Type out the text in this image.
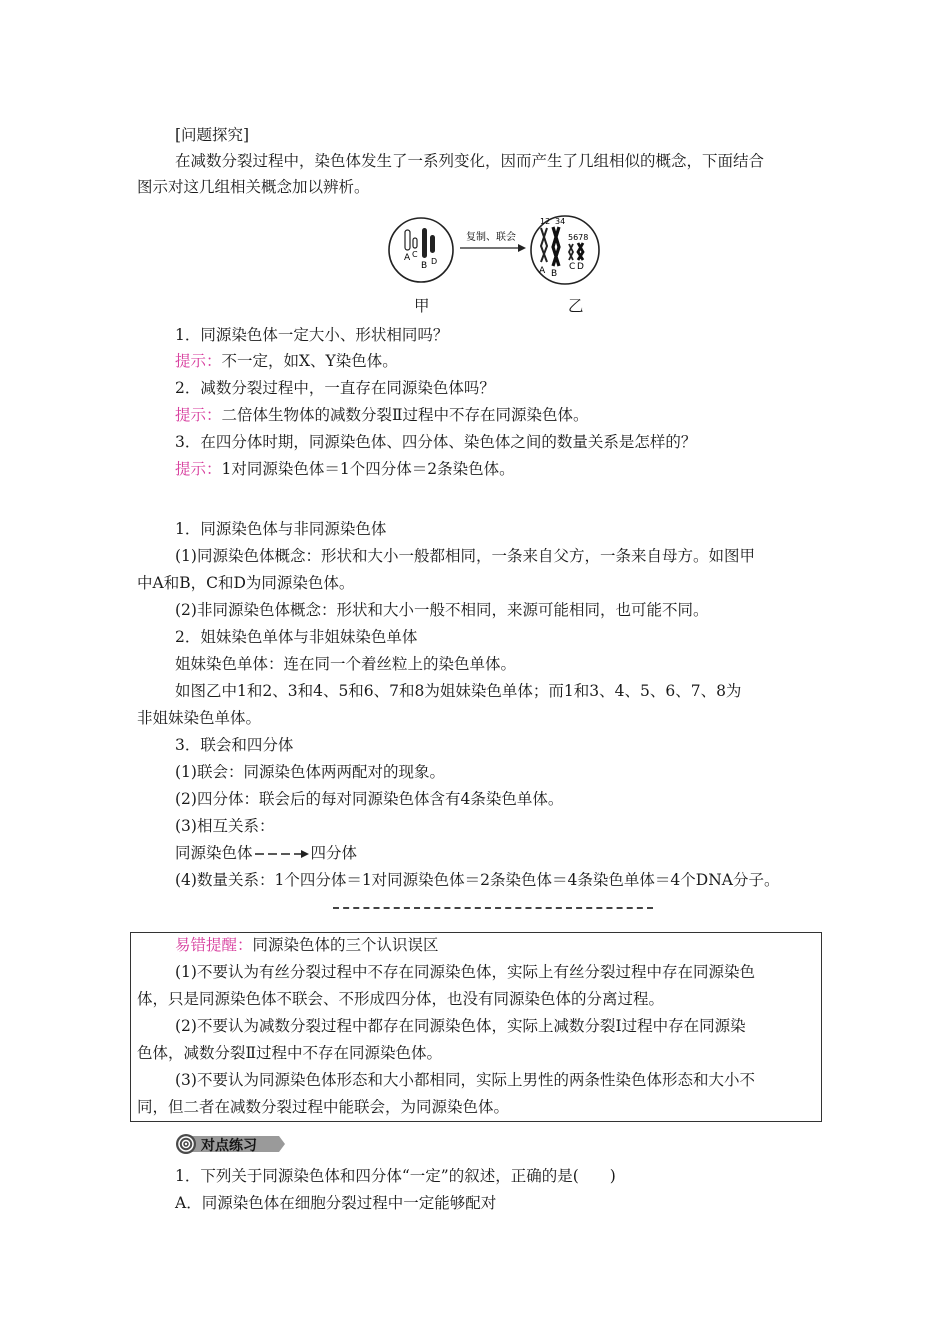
[问题探究]
在减数分裂过程中，染色体发生了一系列变化，因而产生了几组相似的概念，下面结合
图示对这几组相关概念加以辨析。
A C
B D
复制、联会
12 34
5678
A B
C D
甲	乙
1．同源染色体一定大小、形状相同吗？
提示：不一定，如X、Y染色体。
2．减数分裂过程中，一直存在同源染色体吗？
提示：二倍体生物体的减数分裂Ⅱ过程中不存在同源染色体。
3．在四分体时期，同源染色体、四分体、染色体之间的数量关系是怎样的？
提示：1对同源染色体＝1个四分体＝2条染色体。
1．同源染色体与非同源染色体
(1)同源染色体概念：形状和大小一般都相同，一条来自父方，一条来自母方。如图甲
中A和B，C和D为同源染色体。
(2)非同源染色体概念：形状和大小一般不相同，来源可能相同，也可能不同。
2．姐妹染色单体与非姐妹染色单体
姐妹染色单体：连在同一个着丝粒上的染色单体。
如图乙中1和2、3和4、5和6、7和8为姐妹染色单体；而1和3、4、5、6、7、8为
非姐妹染色单体。
3．联会和四分体
(1)联会：同源染色体两两配对的现象。
(2)四分体：联会后的每对同源染色体含有4条染色单体。
(3)相互关系：
同源染色体	四分体
(4)数量关系：1个四分体＝1对同源染色体＝2条染色体＝4条染色单体＝4个DNA分子。
易错提醒：同源染色体的三个认识误区
(1)不要认为有丝分裂过程中不存在同源染色体，实际上有丝分裂过程中存在同源染色
体，只是同源染色体不联会、不形成四分体，也没有同源染色体的分离过程。
(2)不要认为减数分裂过程中都存在同源染色体，实际上减数分裂Ⅰ过程中存在同源染
色体，减数分裂Ⅱ过程中不存在同源染色体。
(3)不要认为同源染色体形态和大小都相同，实际上男性的两条性染色体形态和大小不
同，但二者在减数分裂过程中能联会，为同源染色体。
对点练习
1．下列关于同源染色体和四分体“一定”的叙述，正确的是(　　)
A．同源染色体在细胞分裂过程中一定能够配对
